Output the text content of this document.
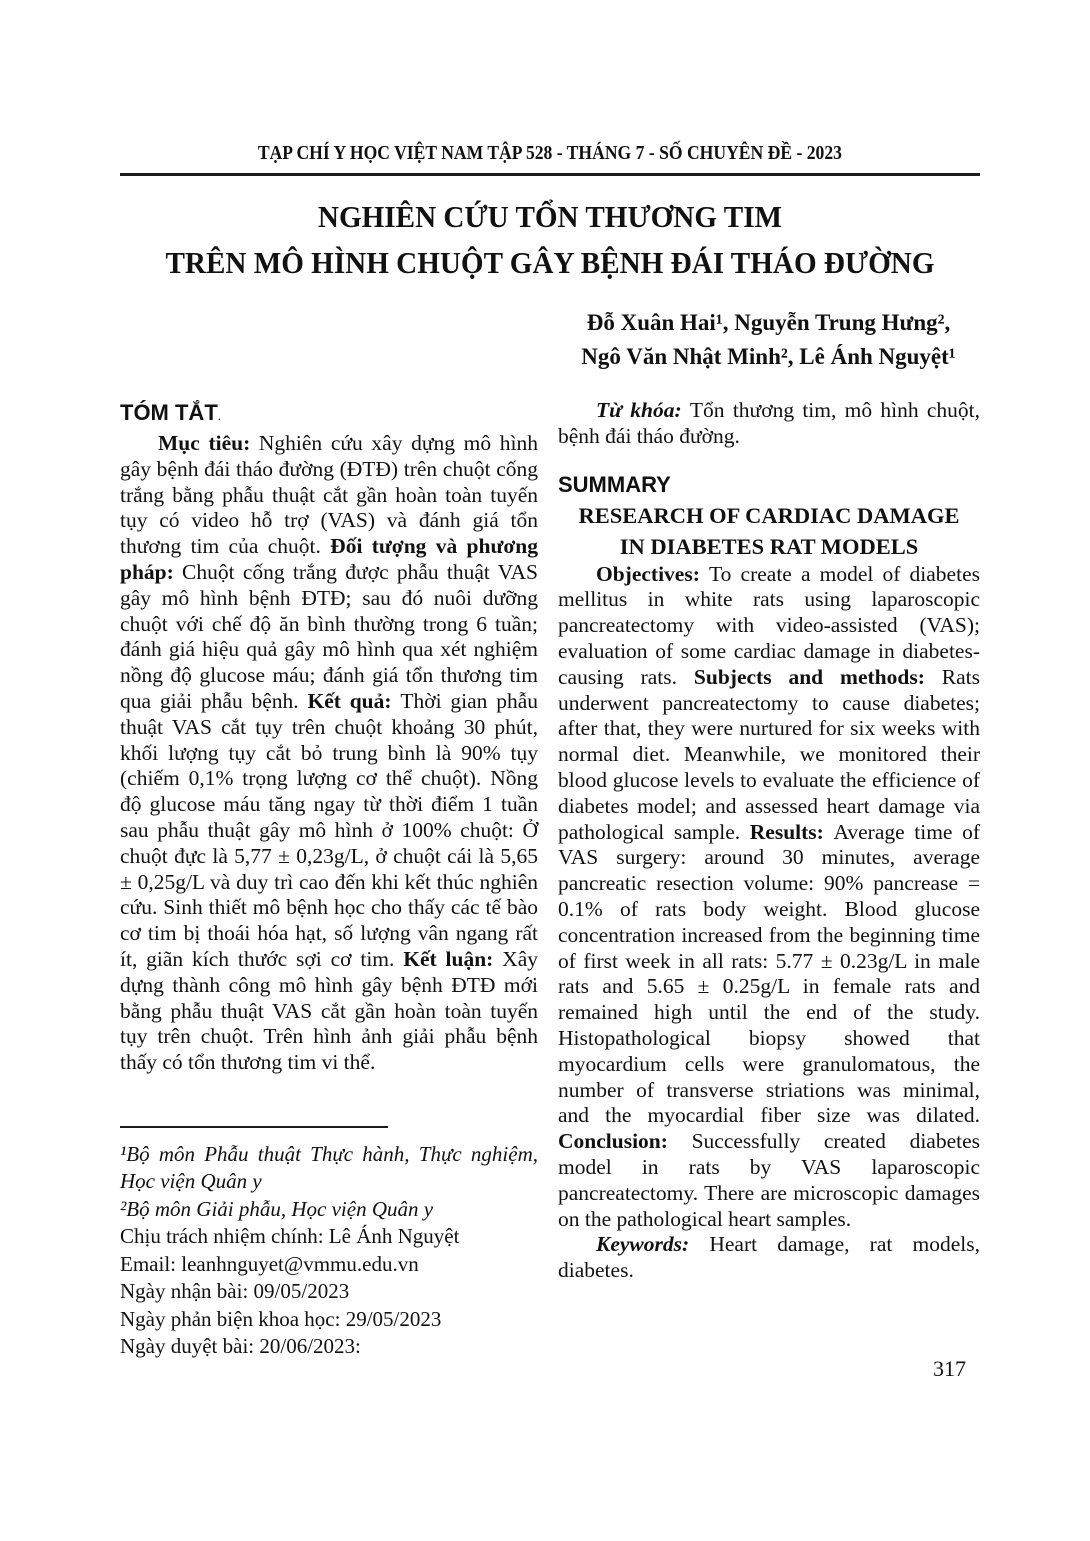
TẠP CHÍ Y HỌC VIỆT NAM TẬP 528 - THÁNG 7 - SỐ CHUYÊN ĐỀ - 2023
NGHIÊN CỨU TỔN THƯƠNG TIM
TRÊN MÔ HÌNH CHUỘT GÂY BỆNH ĐÁI THÁO ĐƯỜNG
Đỗ Xuân Hai¹, Nguyễn Trung Hưng²,
Ngô Văn Nhật Minh², Lê Ánh Nguyệt¹
TÓM TẮT.

Mục tiêu: Nghiên cứu xây dựng mô hình gây bệnh đái tháo đường (ĐTĐ) trên chuột cống trắng bằng phẫu thuật cắt gần hoàn toàn tuyến tụy có video hỗ trợ (VAS) và đánh giá tổn thương tim của chuột. Đối tượng và phương pháp: Chuột cống trắng được phẫu thuật VAS gây mô hình bệnh ĐTĐ; sau đó nuôi dưỡng chuột với chế độ ăn bình thường trong 6 tuần; đánh giá hiệu quả gây mô hình qua xét nghiệm nồng độ glucose máu; đánh giá tổn thương tim qua giải phẫu bệnh. Kết quả: Thời gian phẫu thuật VAS cắt tụy trên chuột khoảng 30 phút, khối lượng tụy cắt bỏ trung bình là 90% tụy (chiếm 0,1% trọng lượng cơ thể chuột). Nồng độ glucose máu tăng ngay từ thời điểm 1 tuần sau phẫu thuật gây mô hình ở 100% chuột: Ở chuột đực là 5,77 ± 0,23g/L, ở chuột cái là 5,65 ± 0,25g/L và duy trì cao đến khi kết thúc nghiên cứu. Sinh thiết mô bệnh học cho thấy các tế bào cơ tim bị thoái hóa hạt, số lượng vân ngang rất ít, giãn kích thước sợi cơ tim. Kết luận: Xây dựng thành công mô hình gây bệnh ĐTĐ mới bằng phẫu thuật VAS cắt gần hoàn toàn tuyến tụy trên chuột. Trên hình ảnh giải phẫu bệnh thấy có tổn thương tim vi thể.

¹Bộ môn Phẫu thuật Thực hành, Thực nghiệm, Học viện Quân y

²Bộ môn Giải phẫu, Học viện Quân y

Chịu trách nhiệm chính: Lê Ánh Nguyệt

Email: leanhnguyet@vmmu.edu.vn

Ngày nhận bài: 09/05/2023

Ngày phản biện khoa học: 29/05/2023

Ngày duyệt bài: 20/06/2023:

Từ khóa: Tổn thương tim, mô hình chuột, bệnh đái tháo đường.

SUMMARY
RESEARCH OF CARDIAC DAMAGE IN DIABETES RAT MODELS

Objectives: To create a model of diabetes mellitus in white rats using laparoscopic pancreatectomy with video-assisted (VAS); evaluation of some cardiac damage in diabetes-causing rats. Subjects and methods: Rats underwent pancreatectomy to cause diabetes; after that, they were nurtured for six weeks with normal diet. Meanwhile, we monitored their blood glucose levels to evaluate the efficience of diabetes model; and assessed heart damage via pathological sample. Results: Average time of VAS surgery: around 30 minutes, average pancreatic resection volume: 90% pancrease = 0.1% of rats body weight. Blood glucose concentration increased from the beginning time of first week in all rats: 5.77 ± 0.23g/L in male rats and 5.65 ± 0.25g/L in female rats and remained high until the end of the study. Histopathological biopsy showed that myocardium cells were granulomatous, the number of transverse striations was minimal, and the myocardial fiber size was dilated. Conclusion: Successfully created diabetes model in rats by VAS laparoscopic pancreatectomy. There are microscopic damages on the pathological heart samples.

Keywords: Heart damage, rat models, diabetes.

317
